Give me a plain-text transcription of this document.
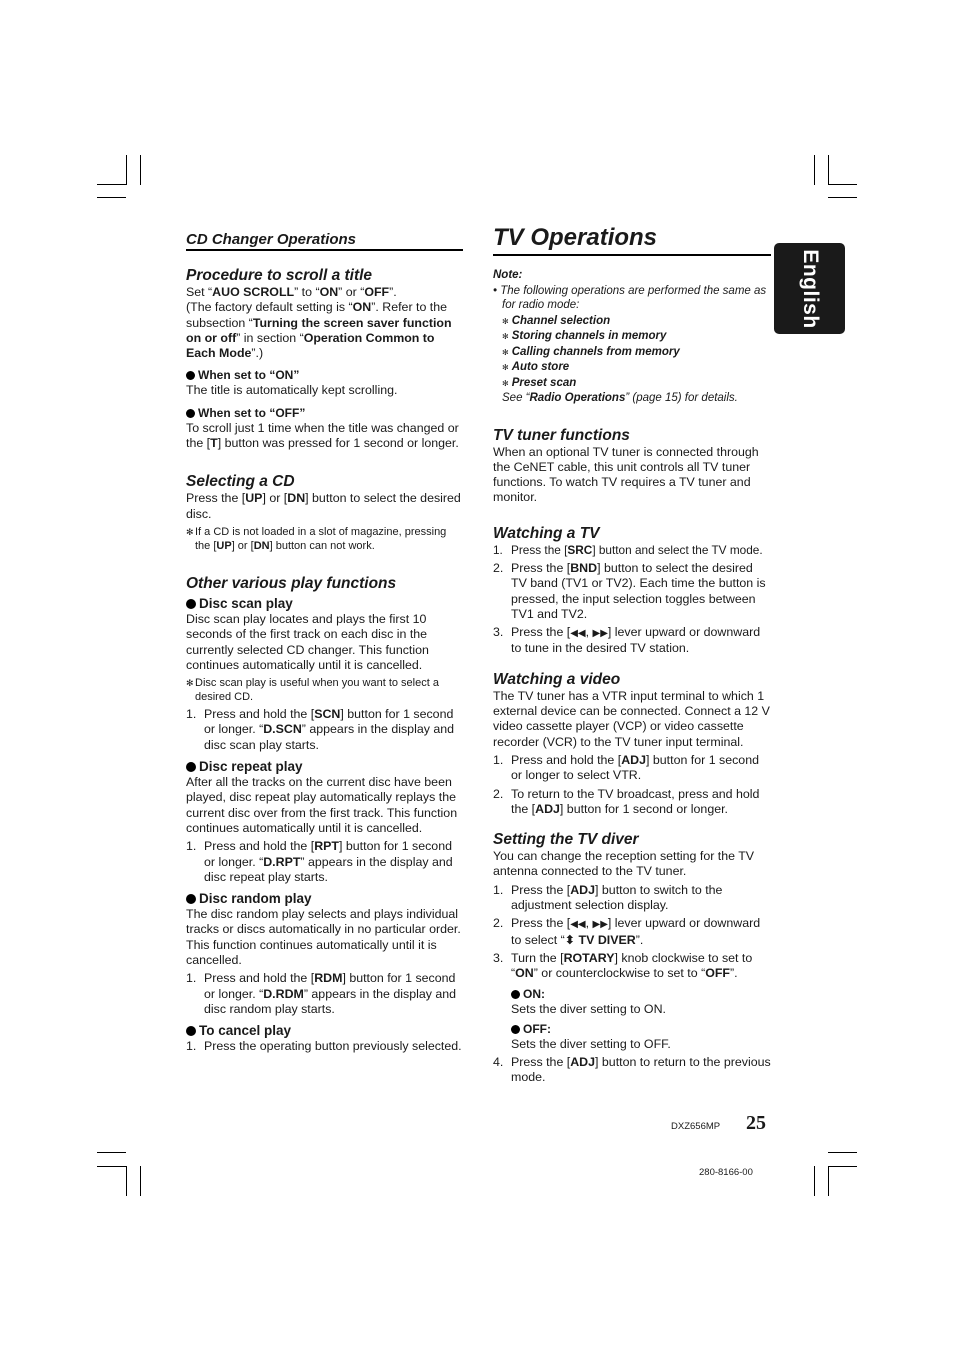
CD Changer Operations
Procedure to scroll a title

Set “AUO SCROLL” to “ON” or “OFF”.

(The factory default setting is “ON”. Refer to the subsection “Turning the screen saver function on or off” in section “Operation Common to Each Mode”.)

When set to “ON”

The title is automatically kept scrolling.

When set to “OFF”

To scroll just 1 time when the title was changed or the [T] button was pressed for 1 second or longer.

Selecting a CD

Press the [UP] or [DN] button to select the desired disc.

✻ If a CD is not loaded in a slot of magazine, pressing the [UP] or [DN] button can not work.
Other various play functions
Disc scan play

Disc scan play locates and plays the first 10 seconds of the first track on each disc in the currently selected CD changer. This function continues automatically until it is cancelled.

✻ Disc scan play is useful when you want to select a desired CD.
1. Press and hold the [SCN] button for 1 second or longer. “D.SCN” appears in the display and disc scan play starts.
Disc repeat play

After all the tracks on the current disc have been played, disc repeat play automatically replays the current disc over from the first track. This function continues automatically until it is cancelled.

1. Press and hold the [RPT] button for 1 second or longer. “D.RPT” appears in the display and disc repeat play starts.
Disc random play

The disc random play selects and plays individual tracks or discs automatically in no particular order. This function continues automatically until it is cancelled.

1. Press and hold the [RDM] button for 1 second or longer. “D.RDM” appears in the display and disc random play starts.
To cancel play
1. Press the operating button previously selected.
TV Operations
Note:
• The following operations are performed the same as for radio mode:
✻ Channel selection
✻ Storing channels in memory
✻ Calling channels from memory
✻ Auto store
✻ Preset scan
See “Radio Operations” (page 15) for details.
TV tuner functions

When an optional TV tuner is connected through the CeNET cable, this unit controls all TV tuner functions. To watch TV requires a TV tuner and monitor.

Watching a TV
1. Press the [SRC] button and select the TV mode.
2. Press the [BND] button to select the desired TV band (TV1 or TV2). Each time the button is pressed, the input selection toggles between TV1 and TV2.
3. Press the [◀◀, ▶▶] lever upward or downward to tune in the desired TV station.
Watching a video

The TV tuner has a VTR input terminal to which 1 external device can be connected. Connect a 12 V video cassette player (VCP) or video cassette recorder (VCR) to the TV tuner input terminal.

1. Press and hold the [ADJ] button for 1 second or longer to select VTR.
2. To return to the TV broadcast, press and hold the [ADJ] button for 1 second or longer.
Setting the TV diver

You can change the reception setting for the TV antenna connected to the TV tuner.

1. Press the [ADJ] button to switch to the adjustment selection display.
2. Press the [◀◀, ▶▶] lever upward or downward to select “⬍ TV DIVER”.
3. Turn the [ROTARY] knob clockwise to set to “ON” or counterclockwise to set to “OFF”.
ON:
Sets the diver setting to ON.
OFF:
Sets the diver setting to OFF.
4. Press the [ADJ] button to return to the previous mode.
English
DXZ656MP 25
280-8166-00
